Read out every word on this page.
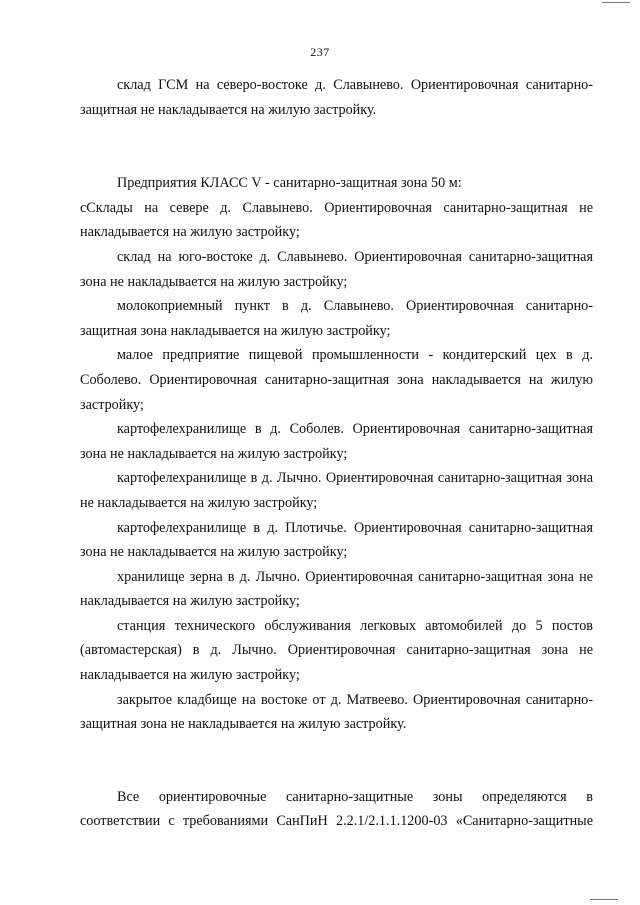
237

склад ГСМ на северо-востоке д. Славынево. Ориентировочная санитарно-защитная не накладывается на жилую застройку.

Предприятия КЛАСС V - санитарно-защитная зона 50 м:

сСклады на севере д. Славынево. Ориентировочная санитарно-защитная не накладывается на жилую застройку;

склад на юго-востоке д. Славынево. Ориентировочная санитарно-защитная зона не накладывается на жилую застройку;

молокоприемный пункт в д. Славынево. Ориентировочная санитарно-защитная зона накладывается на жилую застройку;

малое предприятие пищевой промышленности - кондитерский цех в д. Соболево. Ориентировочная санитарно-защитная зона накладывается на жилую застройку;

картофелехранилище в д. Соболев. Ориентировочная санитарно-защитная зона не накладывается на жилую застройку;

картофелехранилище в д. Лычно. Ориентировочная санитарно-защитная зона не накладывается на жилую застройку;

картофелехранилище в д. Плотичье. Ориентировочная санитарно-защитная зона не накладывается на жилую застройку;

хранилище зерна в д. Лычно. Ориентировочная санитарно-защитная зона не накладывается на жилую застройку;

станция технического обслуживания легковых автомобилей до 5 постов (автомастерская) в д. Лычно. Ориентировочная санитарно-защитная зона не накладывается на жилую застройку;

закрытое кладбище на востоке от д. Матвеево. Ориентировочная санитарно-защитная зона не накладывается на жилую застройку.

Все ориентировочные санитарно-защитные зоны определяются в соответствии с требованиями СанПиН 2.2.1/2.1.1.1200-03 «Санитарно-защитные
